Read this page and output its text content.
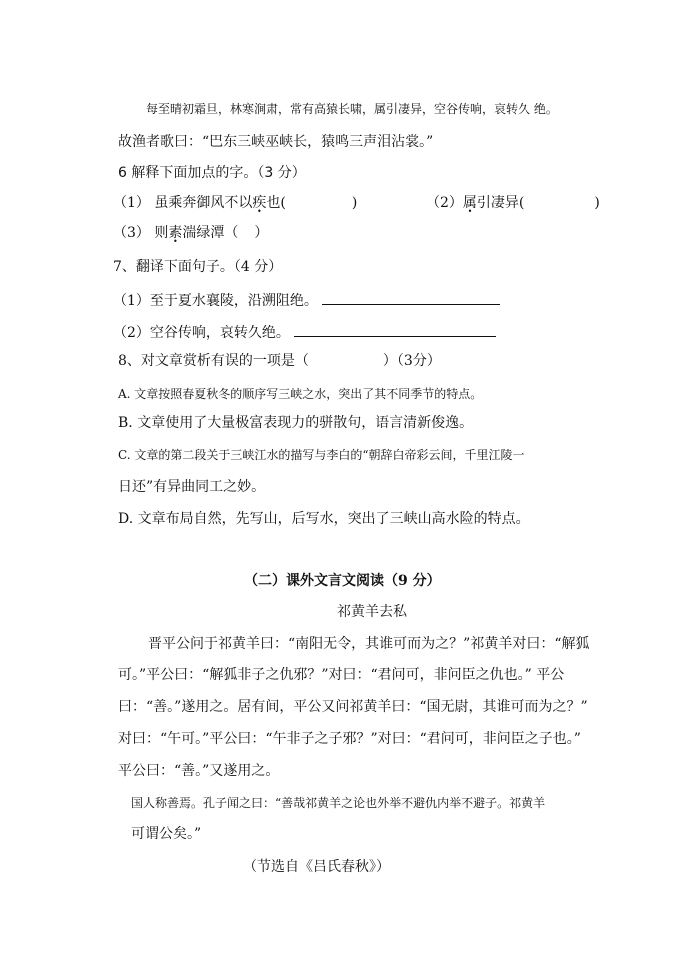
每至晴初霜旦，林寒涧肃，常有高猿长啸，属引凄异，空谷传响，哀转久 绝。
故渔者歌曰：“巴东三峡巫峡长，猿鸣三声泪沾裳。”
6 解释下面加点的字。（3 分）
（1） 虽乘奔御风不以疾也(	)	（2）属引凄异(	)
（3） 则素湍绿潭（ ）
7、翻译下面句子。（4 分）
（1）至于夏水襄陵，沿溯阻绝。
（2）空谷传响，哀转久绝。
8、对文章赏析有误的一项是（	）（3分）
A. 文章按照春夏秋冬的顺序写三峡之水，突出了其不同季节的特点。
B. 文章使用了大量极富表现力的骈散句，语言清新俊逸。
C. 文章的第二段关于三峡江水的描写与李白的“朝辞白帝彩云间，千里江陵一
日还”有异曲同工之妙。
D. 文章布局自然，先写山，后写水，突出了三峡山高水险的特点。
（二）课外文言文阅读（9 分）
祁黄羊去私
晋平公问于祁黄羊曰：“南阳无令，其谁可而为之？”祁黄羊对曰：“解狐
可。”平公曰：“解狐非子之仇邪？”对曰：“君问可，非问臣之仇也。” 平公
曰：“善。”遂用之。居有间，平公又问祁黄羊曰：“国无尉，其谁可而为之？”
对曰：“午可。”平公曰：“午非子之子邪？”对曰：“君问可，非问臣之子也。”
平公曰：“善。”又遂用之。
国人称善焉。孔子闻之曰：“善哉祁黄羊之论也外举不避仇内举不避子。祁黄羊
可谓公矣。”
（节选自《吕氏春秋》）
